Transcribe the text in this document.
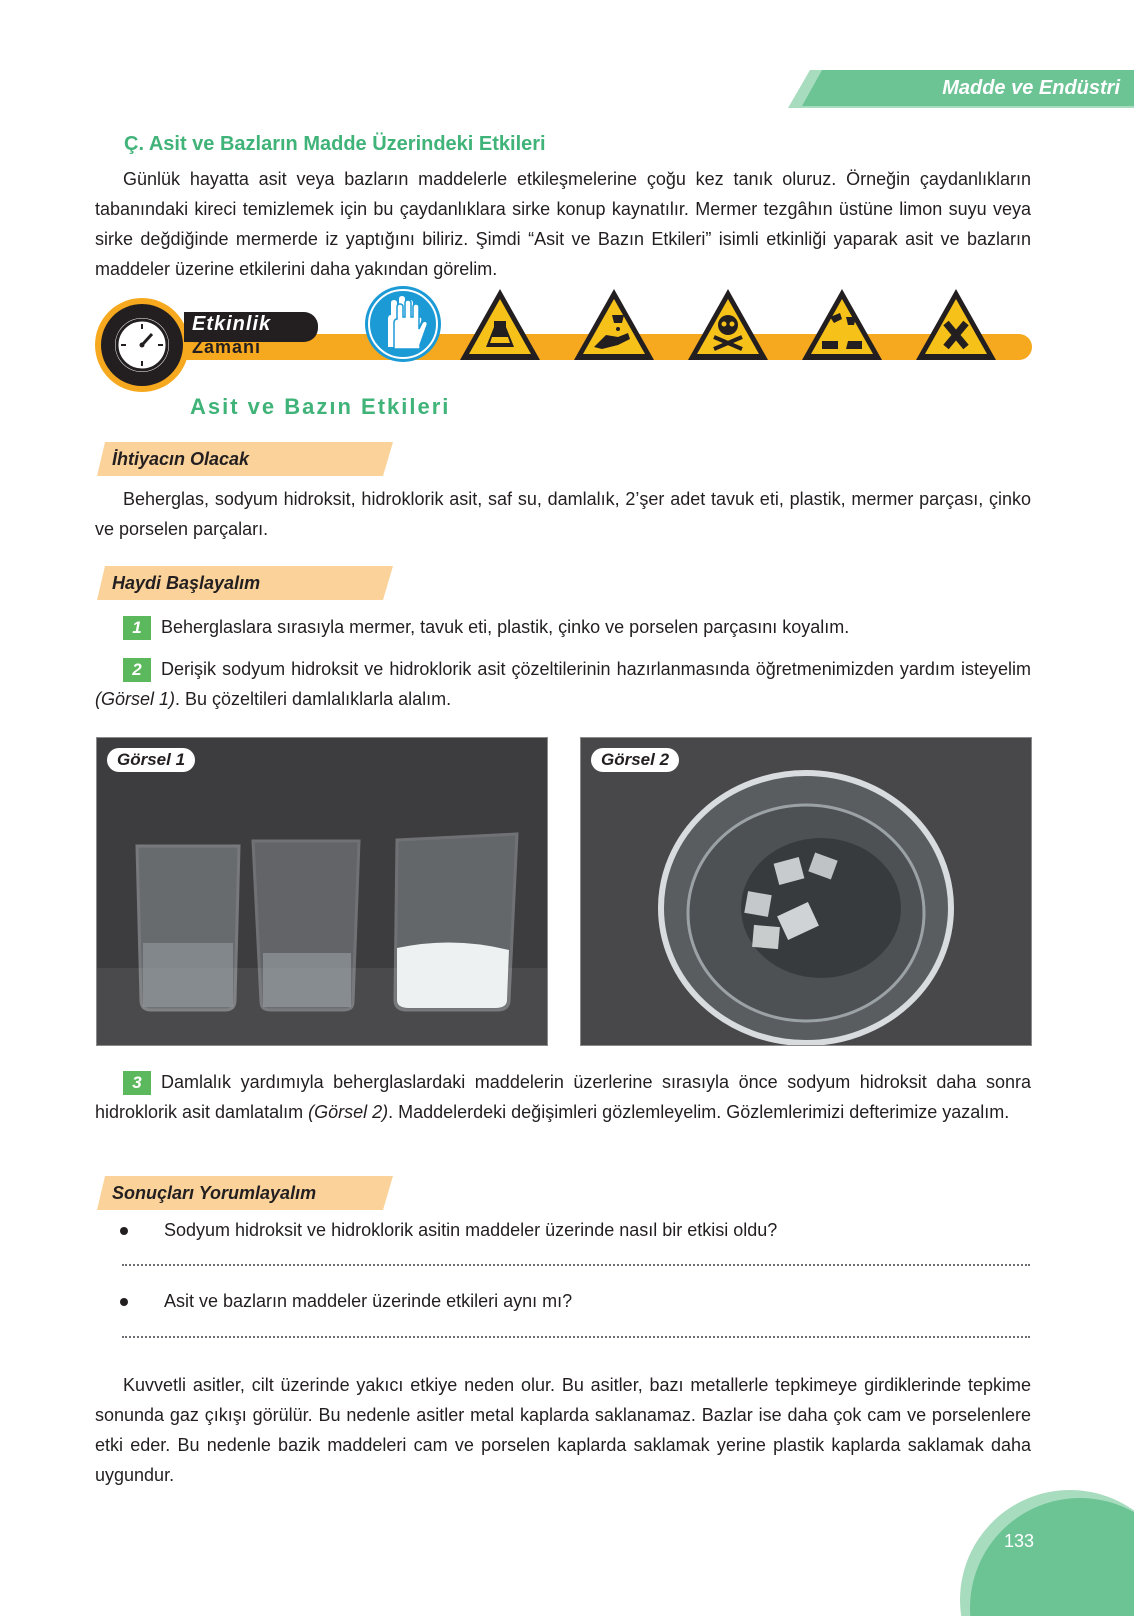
Madde ve Endüstri
Ç. Asit ve Bazların Madde Üzerindeki Etkileri
Günlük hayatta asit veya bazların maddelerle etkileşmelerine çoğu kez tanık oluruz. Örneğin çaydanlıkların tabanındaki kireci temizlemek için bu çaydanlıklara sirke konup kaynatılır. Mermer tezgâhın üstüne limon suyu veya sirke değdiğinde mermerde iz yaptığını biliriz. Şimdi “Asit ve Bazın Etkileri” isimli etkinliği yaparak asit ve bazların maddeler üzerine etkilerini daha yakından görelim.
Etkinlik
Zamanı
Asit ve Bazın Etkileri
İhtiyacın Olacak
Beherglas, sodyum hidroksit, hidroklorik asit, saf su, damlalık, 2’şer adet tavuk eti, plastik, mermer parçası, çinko ve porselen parçaları.
Haydi Başlayalım
1 Beherglaslara sırasıyla mermer, tavuk eti, plastik, çinko ve porselen parçasını koyalım.
2 Derişik sodyum hidroksit ve hidroklorik asit çözeltilerinin hazırlanmasında öğretmenimizden yardım isteyelim (Görsel 1). Bu çözeltileri damlalıklarla alalım.
Görsel 1	Görsel 2
3 Damlalık yardımıyla beherglaslardaki maddelerin üzerlerine sırasıyla önce sodyum hidroksit daha sonra hidroklorik asit damlatalım (Görsel 2). Maddelerdeki değişimleri gözlemleyelim. Gözlemlerimizi defterimize yazalım.
Sonuçları Yorumlayalım
Sodyum hidroksit ve hidroklorik asitin maddeler üzerinde nasıl bir etkisi oldu?
Asit ve bazların maddeler üzerinde etkileri aynı mı?
Kuvvetli asitler, cilt üzerinde yakıcı etkiye neden olur. Bu asitler, bazı metallerle tepkimeye girdiklerinde tepkime sonunda gaz çıkışı görülür. Bu nedenle asitler metal kaplarda saklanamaz. Bazlar ise daha çok cam ve porselenlere etki eder. Bu nedenle bazik maddeleri cam ve porselen kaplarda saklamak yerine plastik kaplarda saklamak daha uygundur.
133
